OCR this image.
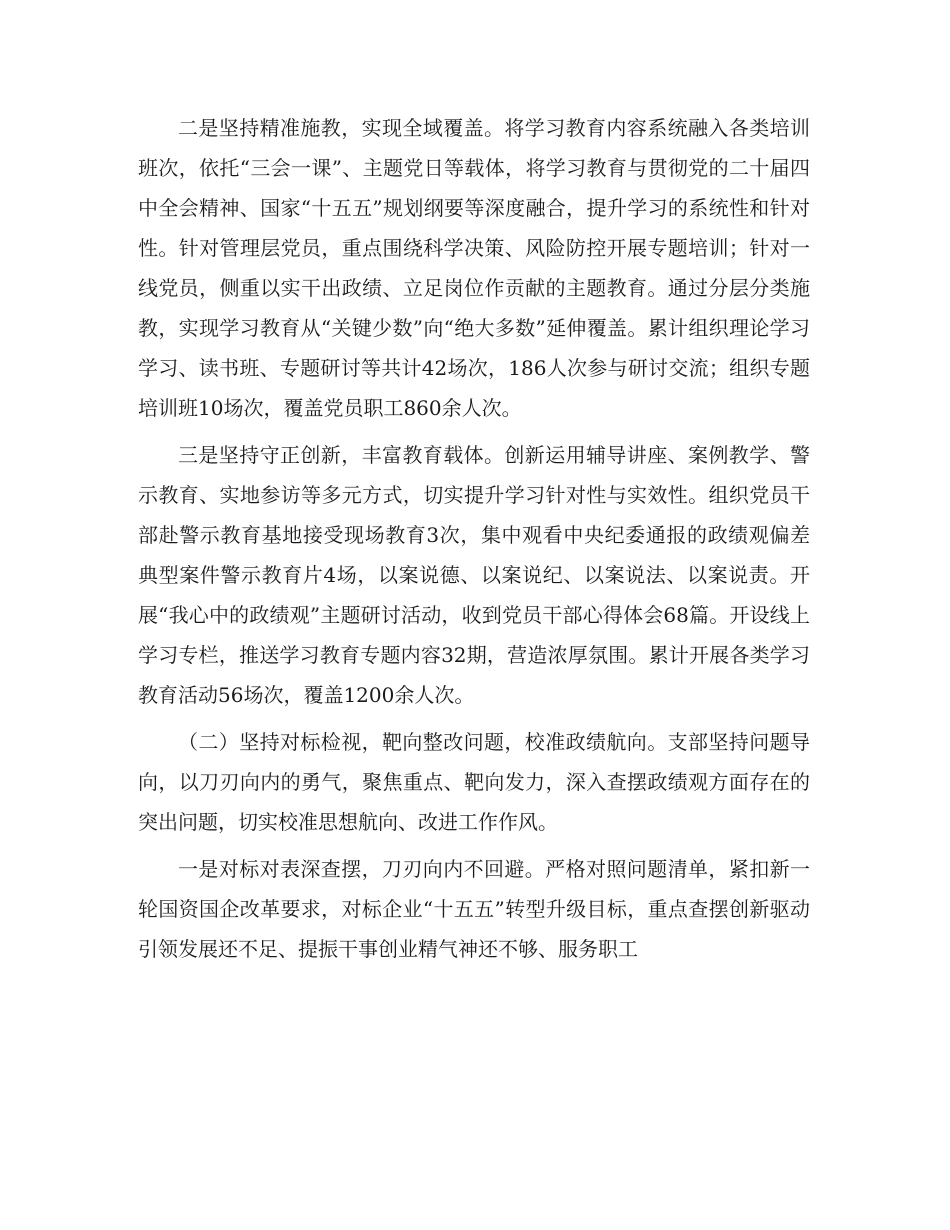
二是坚持精准施教，实现全域覆盖。将学习教育内容系统融入各类培训班次，依托“三会一课”、主题党日等载体，将学习教育与贯彻党的二十届四中全会精神、国家“十五五”规划纲要等深度融合，提升学习的系统性和针对性。针对管理层党员，重点围绕科学决策、风险防控开展专题培训；针对一线党员，侧重以实干出政绩、立足岗位作贡献的主题教育。通过分层分类施教，实现学习教育从“关键少数”向“绝大多数”延伸覆盖。累计组织理论学习学习、读书班、专题研讨等共计42场次，186人次参与研讨交流；组织专题培训班10场次，覆盖党员职工860余人次。

三是坚持守正创新，丰富教育载体。创新运用辅导讲座、案例教学、警示教育、实地参访等多元方式，切实提升学习针对性与实效性。组织党员干部赴警示教育基地接受现场教育3次，集中观看中央纪委通报的政绩观偏差典型案件警示教育片4场，以案说德、以案说纪、以案说法、以案说责。开展“我心中的政绩观”主题研讨活动，收到党员干部心得体会68篇。开设线上学习专栏，推送学习教育专题内容32期，营造浓厚氛围。累计开展各类学习教育活动56场次，覆盖1200余人次。

（二）坚持对标检视，靶向整改问题，校准政绩航向。支部坚持问题导向，以刀刃向内的勇气，聚焦重点、靶向发力，深入查摆政绩观方面存在的突出问题，切实校准思想航向、改进工作作风。

一是对标对表深查摆，刀刃向内不回避。严格对照问题清单，紧扣新一轮国资国企改革要求，对标企业“十五五”转型升级目标，重点查摆创新驱动引领发展还不足、提振干事创业精气神还不够、服务职工
